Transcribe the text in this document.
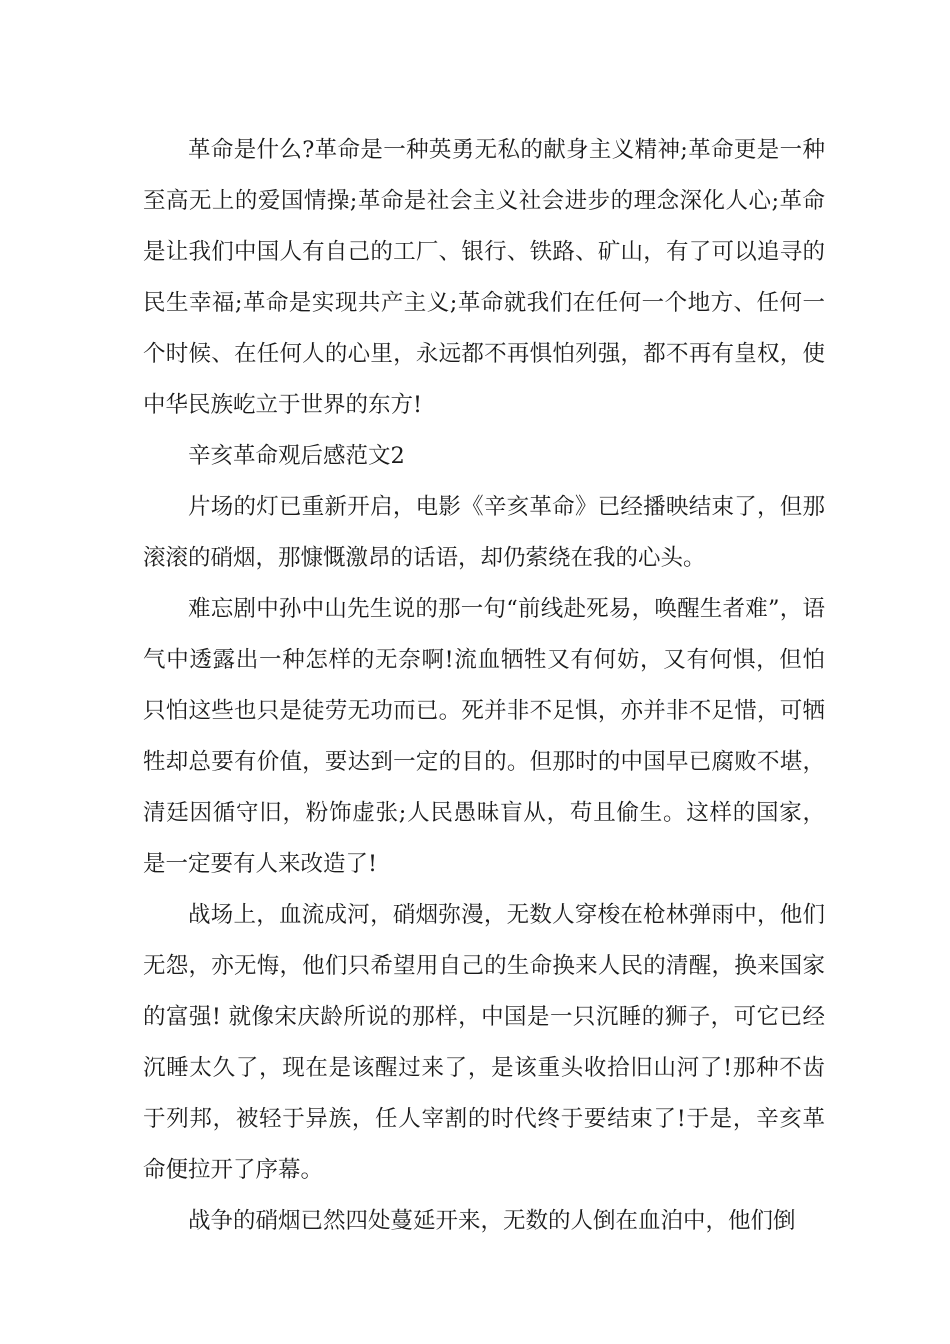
革命是什么?革命是一种英勇无私的献身主义精神;革命更是一种至高无上的爱国情操;革命是社会主义社会进步的理念深化人心;革命是让我们中国人有自己的工厂、银行、铁路、矿山，有了可以追寻的民生幸福;革命是实现共产主义;革命就我们在任何一个地方、任何一个时候、在任何人的心里，永远都不再惧怕列强，都不再有皇权，使中华民族屹立于世界的东方!

辛亥革命观后感范文2

片场的灯已重新开启，电影《辛亥革命》已经播映结束了，但那滚滚的硝烟，那慷慨激昂的话语，却仍萦绕在我的心头。

难忘剧中孙中山先生说的那一句“前线赴死易，唤醒生者难”，语气中透露出一种怎样的无奈啊!流血牺牲又有何妨，又有何惧，但怕只怕这些也只是徒劳无功而已。死并非不足惧，亦并非不足惜，可牺牲却总要有价值，要达到一定的目的。但那时的中国早已腐败不堪，清廷因循守旧，粉饰虚张;人民愚昧盲从，苟且偷生。这样的国家，是一定要有人来改造了!

战场上，血流成河，硝烟弥漫，无数人穿梭在枪林弹雨中，他们无怨，亦无悔，他们只希望用自己的生命换来人民的清醒，换来国家的富强! 就像宋庆龄所说的那样，中国是一只沉睡的狮子，可它已经沉睡太久了，现在是该醒过来了，是该重头收拾旧山河了!那种不齿于列邦，被轻于异族，任人宰割的时代终于要结束了!于是，辛亥革命便拉开了序幕。

战争的硝烟已然四处蔓延开来，无数的人倒在血泊中，他们倒
